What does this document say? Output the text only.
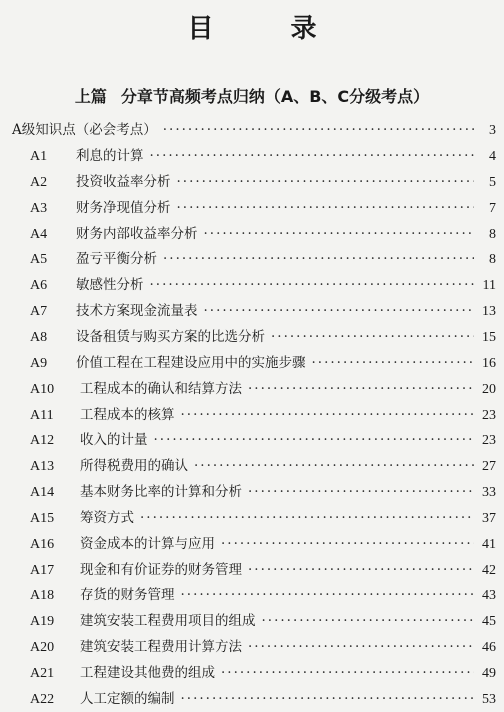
目 录
上篇 分章节高频考点归纳（A、B、C分级考点）
A级知识点（必会考点） ·····	3
A1	利息的计算 ·····	4
A2	投资收益率分析 ·····	5
A3	财务净现值分析 ·····	7
A4	财务内部收益率分析 ·····	8
A5	盈亏平衡分析 ·····	8
A6	敏感性分析 ·····	11
A7	技术方案现金流量表 ·····	13
A8	设备租赁与购买方案的比选分析 ·····	15
A9	价值工程在工程建设应用中的实施步骤 ·····	16
A10	工程成本的确认和结算方法 ·····	20
A11	工程成本的核算 ·····	23
A12	收入的计量 ·····	23
A13	所得税费用的确认 ·····	27
A14	基本财务比率的计算和分析 ·····	33
A15	筹资方式 ·····	37
A16	资金成本的计算与应用 ·····	41
A17	现金和有价证券的财务管理 ·····	42
A18	存货的财务管理 ·····	43
A19	建筑安装工程费用项目的组成 ·····	45
A20	建筑安装工程费用计算方法 ·····	46
A21	工程建设其他费的组成 ·····	49
A22	人工定额的编制 ·····	53
